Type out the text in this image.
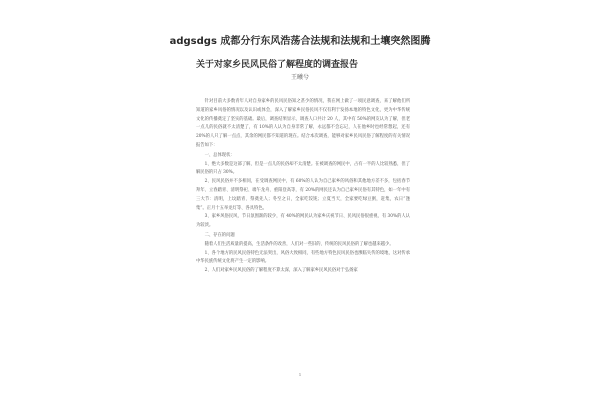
adgsdgs 成都分行东风浩荡合法规和法规和土壤突然图腾
关于对家乡民风民俗了解程度的调查报告
王曦兮

针对目前大多数青年人对自身家乡的民风民俗知之甚少的情况，我在网上做了一项民意调查，来了解他们所知道的家乡风俗的情况以及认识或体会，深入了解家乡民俗民风不仅有利于发扬本地的特色文化，更为中华传统文化的传播奠定了坚实的基础。最后，调查结果显示，调查人口共计 20 人，其中有 50%的网友认为了解，但老一点儿的民俗就不太清楚了，有 10%的人认为自身非常了解，永远都不会忘记，人在他乡时也经常想起，还有 20%的人只了解一点点，其余的网民都不知道的现在。结合本次调查，能够对家乡民风民俗了解程度的有关情况报告如下：

一、总体现状：

1、绝大多数是这部了解，但是一点儿的民俗却不太清楚。在被调查的网民中，占有一半的人比较熟悉，但了解民俗的只占 30%。

2、民风民俗并不多相同，在受调查网民中，有 60%的人认为自己家乡的风俗和其他地方差不多，包括春节拜年、立春踏青、清明祭祀、端午龙舟、重阳登高等，有 20%的网民还认为自己家乡民俗有其特色，如一年中有三大节：清明，上坟踏青、祭奠先人；冬至之日，全家吃饺饨；立夏当天，全家要吃绿豆粥，赶集，农日“逢集”。正月十五举龙灯等、各具特色。

3、家乡风俗民风，节日氛围渐的较少，有 40%的网民认为家乡庆祝节日、民风民俗很重视，有 30%的人认为较淡。

二、存在的问题

随着人们生活质量的提高，生活条件的改善，人们对一些旧的、传统的民风民俗的了解也越来越少。

1、各个地方的民风民俗特色无法突出，风俗大致相同，有些地方特色民风民俗也濒临失传的境地，这对传承中华民族传统文化将产生一定的影响。

2、人们对家乡民风民俗的了解程度不算太深，深入了解家乡民风民俗对于弘扬家

1
